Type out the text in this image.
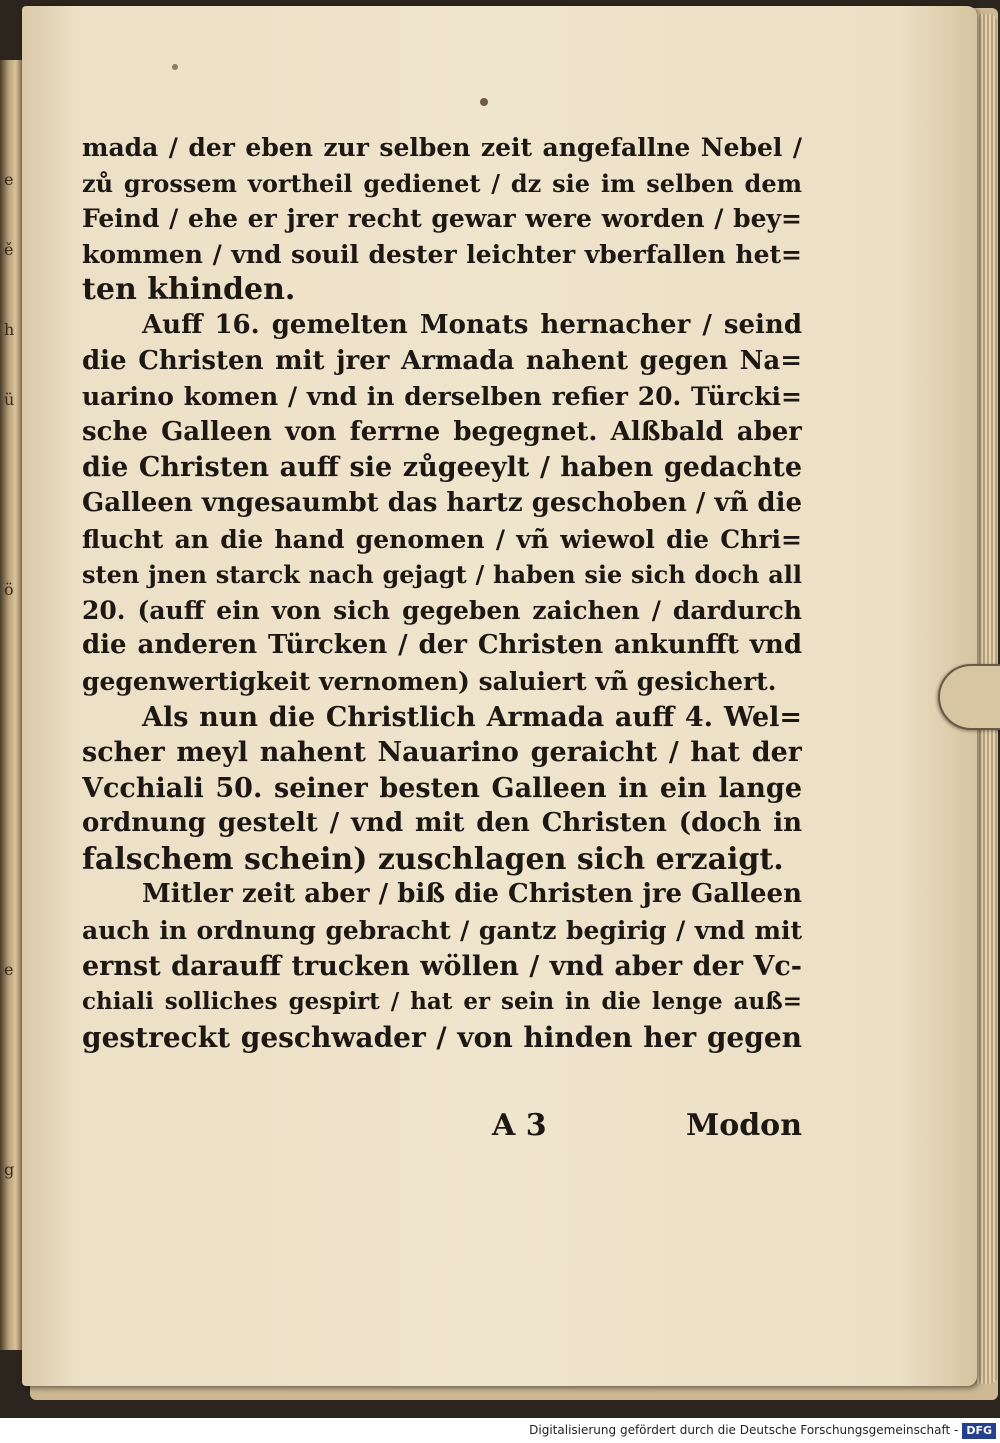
e
ě
h
ü
ö
e
g
mada / der eben zur selben zeit angefallne Nebel /
zů grossem vortheil gedienet / dz sie im selben dem
Feind / ehe er jrer recht gewar were worden / bey=
kommen / vnd souil dester leichter vberfallen het=
ten khinden.
Auff 16. gemelten Monats hernacher / seind
die Christen mit jrer Armada nahent gegen Na=
uarino komen / vnd in derselben refier 20. Türcki=
sche Galleen von ferrne begegnet. Alßbald aber
die Christen auff sie zůgeeylt / haben gedachte
Galleen vngesaumbt das hartz geschoben / vñ die
flucht an die hand genomen / vñ wiewol die Chri=
sten jnen starck nach gejagt / haben sie sich doch all
20. (auff ein von sich gegeben zaichen / dardurch
die anderen Türcken / der Christen ankunfft vnd
gegenwertigkeit vernomen) saluiert vñ gesichert.
Als nun die Christlich Armada auff 4. Wel=
scher meyl nahent Nauarino geraicht / hat der
Vcchiali 50. seiner besten Galleen in ein lange
ordnung gestelt / vnd mit den Christen (doch in
falschem schein) zuschlagen sich erzaigt.
Mitler zeit aber / biß die Christen jre Galleen
auch in ordnung gebracht / gantz begirig / vnd mit
ernst darauff trucken wöllen / vnd aber der Vc-
chiali solliches gespirt / hat er sein in die lenge auß=
gestreckt geschwader / von hinden her gegen
A 3	Modon
Digitalisierung gefördert durch die Deutsche Forschungsgemeinschaft - DFG
